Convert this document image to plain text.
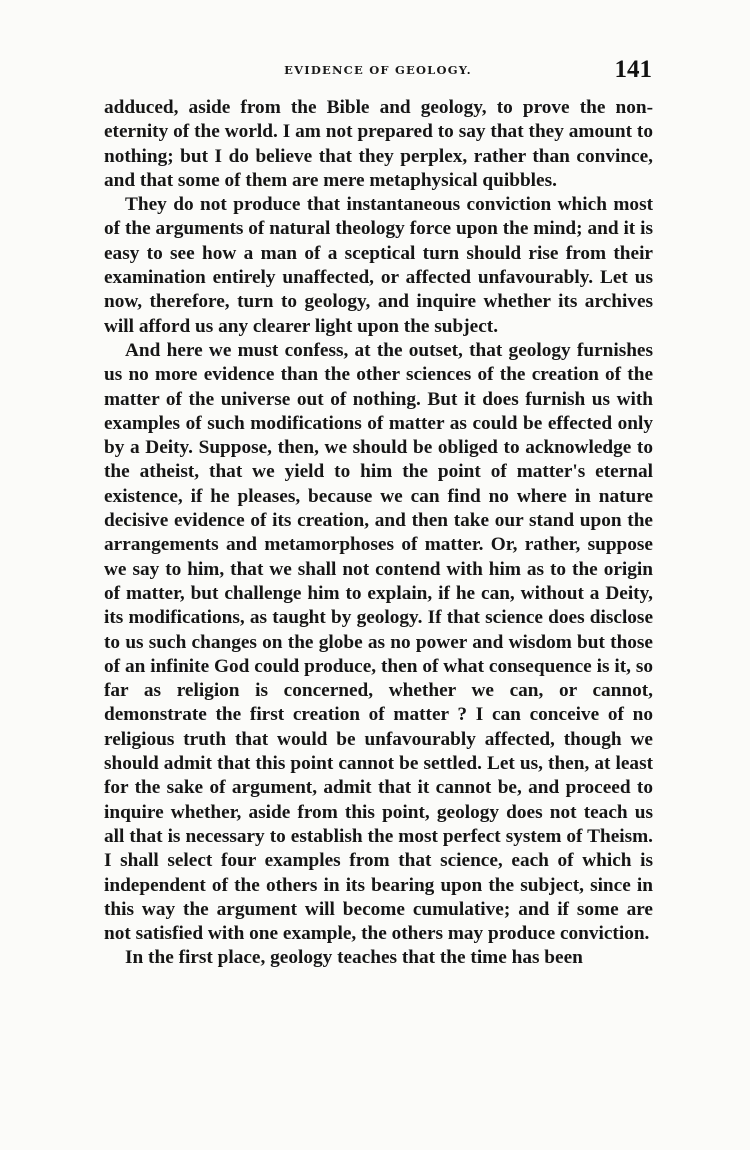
EVIDENCE OF GEOLOGY.	141

adduced, aside from the Bible and geology, to prove the non-eternity of the world. I am not prepared to say that they amount to nothing; but I do believe that they perplex, rather than convince, and that some of them are mere metaphysical quibbles.

They do not produce that instantaneous conviction which most of the arguments of natural theology force upon the mind; and it is easy to see how a man of a sceptical turn should rise from their examination entirely unaffected, or affected unfavourably. Let us now, therefore, turn to geology, and inquire whether its archives will afford us any clearer light upon the subject.

And here we must confess, at the outset, that geology furnishes us no more evidence than the other sciences of the creation of the matter of the universe out of nothing. But it does furnish us with examples of such modifications of matter as could be effected only by a Deity. Suppose, then, we should be obliged to acknowledge to the atheist, that we yield to him the point of matter's eternal existence, if he pleases, because we can find no where in nature decisive evidence of its creation, and then take our stand upon the arrangements and metamorphoses of matter. Or, rather, suppose we say to him, that we shall not contend with him as to the origin of matter, but challenge him to explain, if he can, without a Deity, its modifications, as taught by geology. If that science does disclose to us such changes on the globe as no power and wisdom but those of an infinite God could produce, then of what consequence is it, so far as religion is concerned, whether we can, or cannot, demonstrate the first creation of matter ? I can conceive of no religious truth that would be unfavourably affected, though we should admit that this point cannot be settled. Let us, then, at least for the sake of argument, admit that it cannot be, and proceed to inquire whether, aside from this point, geology does not teach us all that is necessary to establish the most perfect system of Theism. I shall select four examples from that science, each of which is independent of the others in its bearing upon the subject, since in this way the argument will become cumulative; and if some are not satisfied with one example, the others may produce conviction.

In the first place, geology teaches that the time has been
